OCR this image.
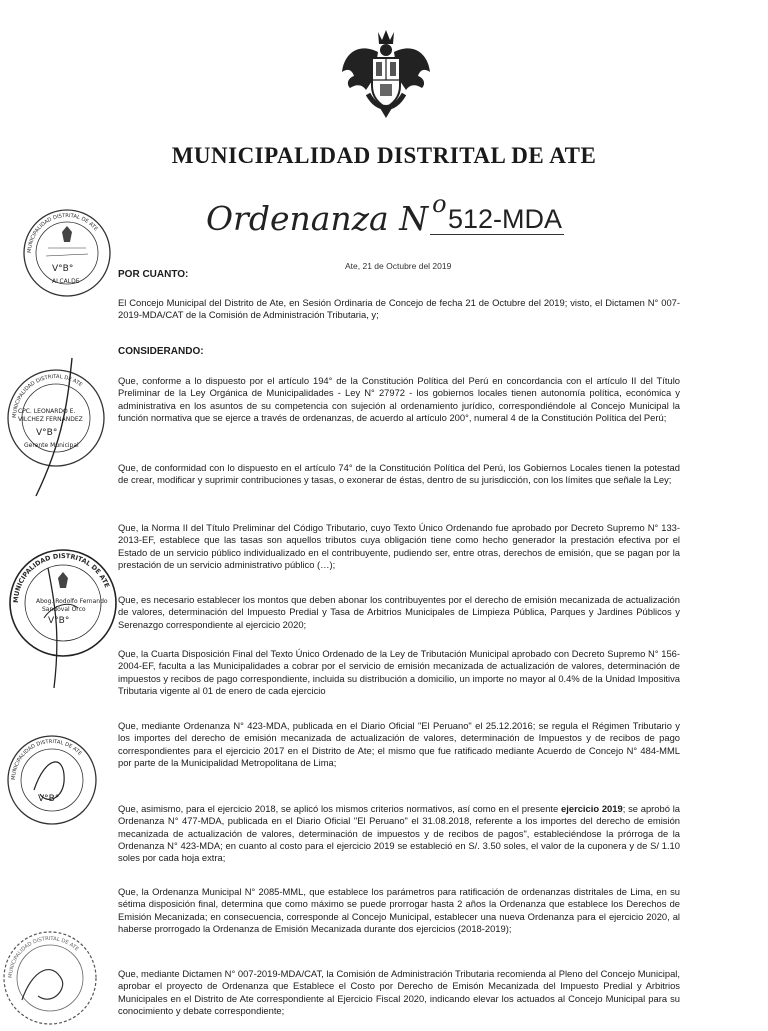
MUNICIPALIDAD DISTRITAL DE ATE
Ordenanza N $^o$ 512-MDA
Ate, 21 de Octubre del 2019
POR CUANTO:
El Concejo Municipal del Distrito de Ate, en Sesión Ordinaria de Concejo de fecha 21 de Octubre del 2019; visto, el Dictamen N° 007-2019-MDA/CAT de la Comisión de Administración Tributaria, y;
CONSIDERANDO:
Que, conforme a lo dispuesto por el artículo 194° de la Constitución Política del Perú en concordancia con el artículo II del Título Preliminar de la Ley Orgánica de Municipalidades - Ley N° 27972 - los gobiernos locales tienen autonomía política, económica y administrativa en los asuntos de su competencia con sujeción al ordenamiento jurídico, correspondiéndole al Concejo Municipal la función normativa que se ejerce a través de ordenanzas, de acuerdo al artículo 200°, numeral 4 de la Constitución Política del Perú;
Que, de conformidad con lo dispuesto en el artículo 74° de la Constitución Política del Perú, los Gobiernos Locales tienen la potestad de crear, modificar y suprimir contribuciones y tasas, o exonerar de éstas, dentro de su jurisdicción, con los límites que señale la Ley;
Que, la Norma II del Título Preliminar del Código Tributario, cuyo Texto Único Ordenando fue aprobado por Decreto Supremo N° 133-2013-EF, establece que las tasas son aquellos tributos cuya obligación tiene como hecho generador la prestación efectiva por el Estado de un servicio público individualizado en el contribuyente, pudiendo ser, entre otras, derechos de emisión, que se pagan por la prestación de un servicio administrativo público (…);
Que, es necesario establecer los montos que deben abonar los contribuyentes por el derecho de emisión mecanizada de actualización de valores, determinación del Impuesto Predial y Tasa de Arbitrios Municipales de Limpieza Pública, Parques y Jardines Públicos y Serenazgo correspondiente al ejercicio 2020;
Que, la Cuarta Disposición Final del Texto Único Ordenado de la Ley de Tributación Municipal aprobado con Decreto Supremo N° 156-2004-EF, faculta a las Municipalidades a cobrar por el servicio de emisión mecanizada de actualización de valores, determinación de impuestos y recibos de pago correspondiente, incluida su distribución a domicilio, un importe no mayor al 0.4% de la Unidad Impositiva Tributaria vigente al 01 de enero de cada ejercicio
Que, mediante Ordenanza N° 423-MDA, publicada en el Diario Oficial "El Peruano" el 25.12.2016; se regula el Régimen Tributario y los importes del derecho de emisión mecanizada de actualización de valores, determinación de Impuestos y de recibos de pago correspondientes para el ejercicio 2017 en el Distrito de Ate; el mismo que fue ratificado mediante Acuerdo de Concejo N° 484-MML por parte de la Municipalidad Metropolitana de Lima;
Que, asimismo, para el ejercicio 2018, se aplicó los mismos criterios normativos, así como en el presente ejercicio 2019; se aprobó la Ordenanza N° 477-MDA, publicada en el Diario Oficial "El Peruano" el 31.08.2018, referente a los importes del derecho de emisión mecanizada de actualización de valores, determinación de impuestos y de recibos de pagos", estableciéndose la prórroga de la Ordenanza N° 423-MDA; en cuanto al costo para el ejercicio 2019 se estableció en S/. 3.50 soles, el valor de la cuponera y de S/ 1.10 soles por cada hoja extra;
Que, la Ordenanza Municipal N° 2085-MML, que establece los parámetros para ratificación de ordenanzas distritales de Lima, en su sétima disposición final, determina que como máximo se puede prorrogar hasta 2 años la Ordenanza que establece los Derechos de Emisión Mecanizada; en consecuencia, corresponde al Concejo Municipal, establecer una nueva Ordenanza para el ejercicio 2020, al haberse prorrogado la Ordenanza de Emisión Mecanizada durante dos ejercicios (2018-2019);
Que, mediante Dictamen N° 007-2019-MDA/CAT, la Comisión de Administración Tributaria recomienda al Pleno del Concejo Municipal, aprobar el proyecto de Ordenanza que Establece el Costo por Derecho de Emisón Mecanizada del Impuesto Predial y Arbitrios Municipales en el Distrito de Ate correspondiente al Ejercicio Fiscal 2020, indicando elevar los actuados al Concejo Municipal para su conocimiento y debate correspondiente;
MUNICIPALIDAD DISTRITAL DE ATE
V°B°
ALCALDE
MUNICIPALIDAD DISTRITAL DE ATE
CPC. LEONARDO E.
VILCHEZ FERNANDEZ
V°B°
Gerente Municipal
MUNICIPALIDAD DISTRITAL DE ATE
Abog. Rodolfo Fernando
Sandoval Orco
V°B°
MUNICIPALIDAD DISTRITAL DE ATE
V°B°
MUNICIPALIDAD DISTRITAL DE ATE
